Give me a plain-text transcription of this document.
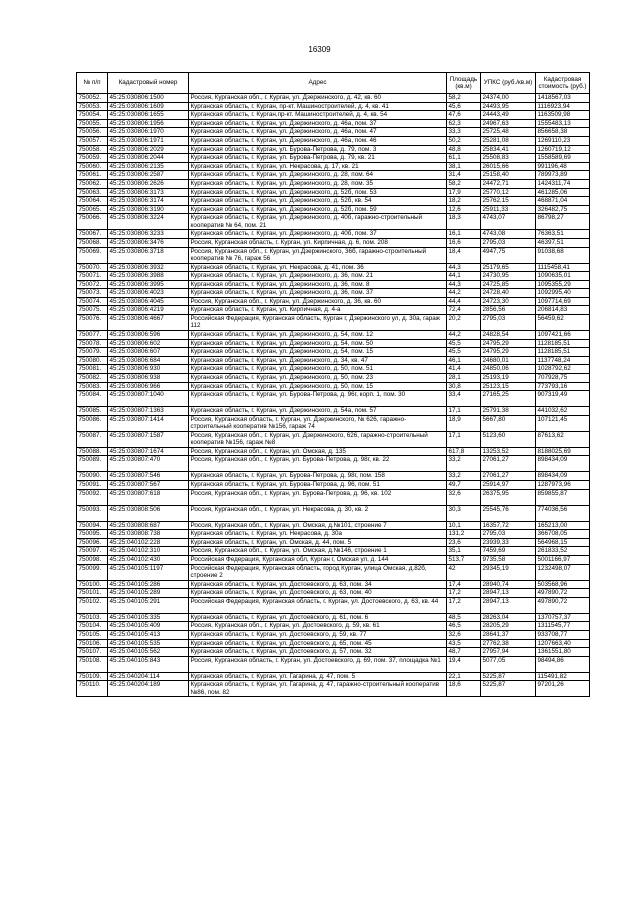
16309
№ п/п	Кадастровый номер	Адрес	Площадь (кв.м)	УПКС (руб./кв.м)	Кадастровая стоимость (руб.)
750052.	45:25:030806:1500	Россия, Курганская обл., г. Курган, ул. Дзержинского, д. 42, кв. 60	58,2	24374,00	1418567,03
750053.	45:25:030806:1609	Курганская область, г. Курган, пр-кт. Машиностроителей, д. 4, кв. 41	45,6	24493,95	1116923,94
750054.	45:25:030806:1655	Курганская область, г. Курган,пр-кт. Машиностроителей, д. 4, кв. 54	47,6	24443,49	1163509,98
750055.	45:25:030806:1956	Курганская область, г. Курган, ул. Дзержинского, д. 46а, пом. 37	62,3	24967,63	1555483,13
750056.	45:25:030806:1970	Курганская область, г. Курган, ул. Дзержинского, д. 46а, пом. 47	33,3	25725,48	856658,38
750057.	45:25:030806:1971	Курганская область, г. Курган, ул. Дзержинского, д. 46а, пом. 46	50,2	25281,08	1269110,23
750058.	45:25:030806:2029	Курганская область, г. Курган, ул. Бурова-Петрова, д. 79, пом. 3	48,8	25834,41	1260719,12
750059.	45:25:030806:2044	Курганская область, г. Курган, ул. Бурова-Петрова, д. 79, кв. 21	61,1	25508,83	1558589,69
750060.	45:25:030806:2135	Курганская область, г. Курган, ул. Некрасова, д. 17, кв. 21	38,1	26015,66	991196,48
750061.	45:25:030806:2587	Курганская область, г. Курган, ул. Дзержинского, д. 28, пом. 64	31,4	25158,40	789973,89
750062.	45:25:030806:2626	Курганская область, г. Курган, ул. Дзержинского, д. 28, пом. 35	58,2	24472,71	1424311,74
750063.	45:25:030806:3173	Курганская область, г. Курган, ул. Дзержинского, д. 52б, пом. 53	17,9	25770,12	461285,06
750064.	45:25:030806:3174	Курганская область, г. Курган, ул. Дзержинского, д. 52б, кв. 54	18,2	25762,15	468871,04
750065.	45:25:030806:3190	Курганская область, г. Курган, ул. Дзержинского, д. 52б, пом. 59	12,6	25911,33	326482,75
750066.	45:25:030806:3224	Курганская область, г. Курган, ул. Дзержинского, д. 40б, гаражно-строительный кооператив № 64, пом. 21	18,3	4743,07	86798,27
750067.	45:25:030806:3233	Курганская область, г. Курган, ул. Дзержинского, д. 40б, пом. 37	16,1	4743,08	76363,51
750068.	45:25:030806:3476	Россия, Курганская область, г. Курган, ул. Кирпичная, д. 6, пом. 208	16,6	2795,03	46397,51
750069.	45:25:030806:3718	Россия, Курганская обл., г. Курган, ул.Дзержинского, 36б, гаражно-строительный кооператив № 76, гараж 56	18,4	4947,75	91038,68
750070.	45:25:030806:3932	Курганская область, г. Курган, ул. Некрасова, д. 41, пом. 36	44,3	25179,65	1115458,41
750071.	45:25:030806:3988	Курганская область, г. Курган, ул. Дзержинского, д. 36, пом. 21	44,1	24730,95	1090635,01
750072.	45:25:030806:3995	Курганская область, г. Курган, ул. Дзержинского, д. 36, пом. 8	44,3	24725,85	1095355,29
750073.	45:25:030806:4023	Курганская область, г. Курган, ул. Дзержинского, д. 36, пом. 37	44,2	24728,40	1092995,40
750074.	45:25:030806:4045	Россия, Курганская обл., г. Курган, ул. Дзержинского, д. 36, кв. 60	44,4	24723,30	1097714,69
750075.	45:25:030806:4219	Курганская область, г. Курган, ул. Кирпичная, д. 4-а	72,4	2856,56	206814,83
750076.	45:25:030806:4667	Российская Федерация, Курганская область, Курган г, Дзержинского ул, д. 30а, гараж 112	20,2	2795,03	56459,62
750077.	45:25:030806:596	Курганская область, г. Курган, ул. Дзержинского, д. 54, пом. 12	44,2	24828,54	1097421,66
750078.	45:25:030806:602	Курганская область, г. Курган, ул. Дзержинского, д. 54, пом. 50	45,5	24795,29	1128185,51
750079.	45:25:030806:607	Курганская область, г. Курган, ул. Дзержинского, д. 54, пом. 15	45,5	24795,29	1128185,51
750080.	45:25:030806:684	Курганская область, г. Курган, ул. Дзержинского, д. 34, кв. 47	46,1	24680,01	1137748,24
750081.	45:25:030806:930	Курганская область, г. Курган, ул. Дзержинского, д. 50, пом. 51	41,4	24850,06	1028792,62
750082.	45:25:030806:938	Курганская область, г. Курган, ул. Дзержинского, д. 50, пом. 23	28,1	25193,19	707928,75
750083.	45:25:030806:966	Курганская область, г. Курган, ул. Дзержинского, д. 50, пом. 15	30,8	25123,15	773793,16
750084.	45:25:030807:1040	Курганская область, г. Курган, ул. Бурова-Петрова, д. 96г, корп. 1, пом. 30	33,4	27165,25	907319,49
750085.	45:25:030807:1363	Курганская область, г. Курган, ул. Дзержинского, д. 54а, пом. 57	17,1	25791,38	441032,62
750086.	45:25:030807:1414	Россия, Курганская область, г. Курган, ул. Дзержинского, № 626, гаражно-строительный кооператив №156, гараж 74	18,9	5667,80	107121,45
750087.	45:25:030807:1587	Россия, Курганская обл., г. Курган, ул. Дзержинского, 626, гаражно-строительный кооператив №156, гараж №8	17,1	5123,60	87613,62
750088.	45:25:030807:1674	Россия, Курганская обл., г. Курган, ул. Омская, д. 135	617,8	13253,52	8188025,69
750089.	45:25:030807:470	Россия, Курганская обл., г. Курган, ул. Бурова-Петрова, д. 98г, кв. 22	33,2	27061,27	898434,09
750090.	45:25:030807:546	Курганская область, г. Курган, ул. Бурова-Петрова, д. 98г, пом. 158	33,2	27061,27	898434,09
750091.	45:25:030807:567	Курганская область, г. Курган, ул. Бурова-Петрова, д. 96, пом. 51	49,7	25914,97	1287973,96
750092.	45:25:030807:618	Россия, Курганская обл., г. Курган, ул. Бурова-Петрова, д. 96, кв. 102	32,6	26375,95	859855,87
750093.	45:25:030808:506	Россия, Курганская обл., г. Курган, ул. Некрасова, д. 30, кв. 2	30,3	25545,76	774036,56
750094.	45:25:030808:687	Россия, Курганская обл., г. Курган, ул. Омская, д.№101, строение 7	10,1	16357,72	165213,00
750095.	45:25:030808:738	Курганская область, г. Курган, ул. Некрасова, д. 30а	131,2	2795,03	366708,05
750096.	45:25:040102:228	Курганская область, г. Курган, ул. Омская, д. 44, пом. 5	23,6	23939,33	564968,15
750097.	45:25:040102:310	Россия, Курганская обл., г. Курган, ул. Омская, д.№146, строение 1	35,1	7459,69	261833,52
750098.	45:25:040102:430	Российская Федерация, Курганская обл, Курган г, Омская ул, д. 144	513,7	9735,58	5001166,97
750099.	45:25:040105:1197	Российская Федерация, Курганская область, город Курган, улица Омская, д.82б, строение 2	42	29345,19	1232498,07
750100.	45:25:040105:286	Курганская область, г. Курган, ул. Достоевского, д. 63, пом. 34	17,4	28940,74	503568,96
750101.	45:25:040105:289	Курганская область, г. Курган, ул. Достоевского, д. 63, пом. 40	17,2	28947,13	497890,72
750102.	45:25:040105:291	Российская Федерация, Курганская область, г. Курган, ул. Достоевского, д. 63, кв. 44	17,2	28947,13	497890,72
750103.	45:25:040105:335	Курганская область, г. Курган, ул. Достоевского, д. 61, пом. 6	48,5	28263,04	1370757,37
750104.	45:25:040105:409	Россия, Курганская обл., г. Курган, ул. Достоевского, д. 59, кв. 61	46,5	28205,29	1311545,77
750105.	45:25:040105:413	Курганская область, г. Курган, ул. Достоевского, д. 59, кв. 77	32,6	28641,37	933708,77
750106.	45:25:040105:535	Курганская область, г. Курган, ул. Достоевского, д. 65, пом. 45	43,5	27762,38	1207663,40
750107.	45:25:040105:562	Курганская область, г. Курган, ул. Достоевского, д. 57, пом. 32	48,7	27957,94	1361551,80
750108.	45:25:040105:843	Россия, Курганская область, г. Курган, ул. Достоевского, д. 69, пом. 37, площадка №1	19,4	5077,05	98494,86
750109.	45:25:040204:114	Курганская область, г. Курган, ул. Гагарина, д. 47, пом. 5	22,1	5225,87	115491,82
750110.	45:25:040204:189	Курганская область, г. Курган, ул. Гагарина, д. 47, гаражно-строительный кооператив №86, пом. 82	18,6	5225,87	97201,26
